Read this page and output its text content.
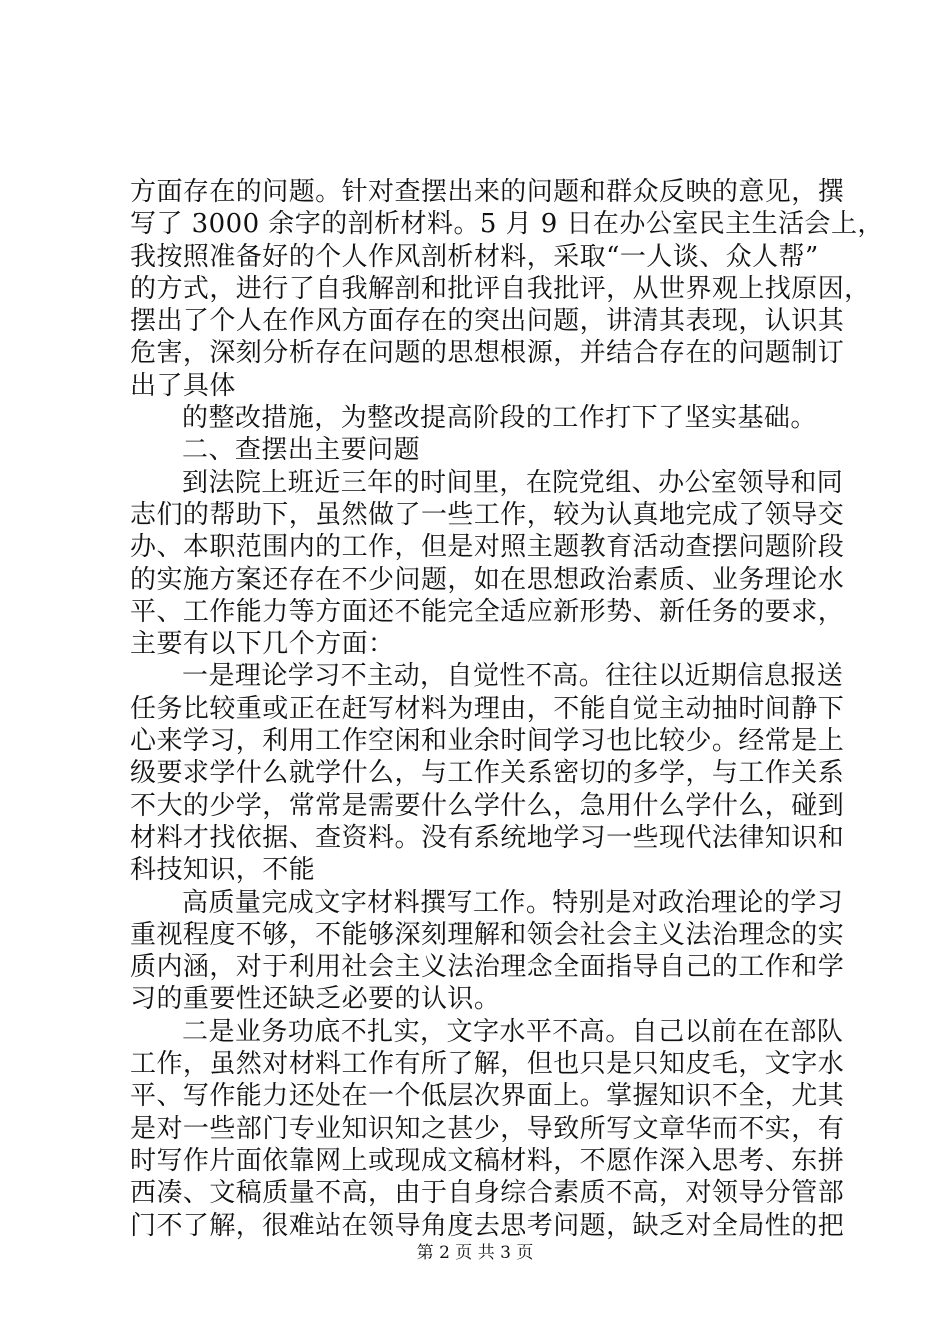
方面存在的问题。针对查摆出来的问题和群众反映的意见，撰
写了 3000 余字的剖析材料。5 月 9 日在办公室民主生活会上，
我按照准备好的个人作风剖析材料，采取“一人谈、众人帮”
的方式，进行了自我解剖和批评自我批评，从世界观上找原因，
摆出了个人在作风方面存在的突出问题，讲清其表现，认识其
危害，深刻分析存在问题的思想根源，并结合存在的问题制订
出了具体
的整改措施，为整改提高阶段的工作打下了坚实基础。
二、查摆出主要问题
到法院上班近三年的时间里，在院党组、办公室领导和同
志们的帮助下，虽然做了一些工作，较为认真地完成了领导交
办、本职范围内的工作，但是对照主题教育活动查摆问题阶段
的实施方案还存在不少问题，如在思想政治素质、业务理论水
平、工作能力等方面还不能完全适应新形势、新任务的要求，
主要有以下几个方面：
一是理论学习不主动，自觉性不高。往往以近期信息报送
任务比较重或正在赶写材料为理由，不能自觉主动抽时间静下
心来学习，利用工作空闲和业余时间学习也比较少。经常是上
级要求学什么就学什么，与工作关系密切的多学，与工作关系
不大的少学，常常是需要什么学什么，急用什么学什么，碰到
材料才找依据、查资料。没有系统地学习一些现代法律知识和
科技知识，不能
高质量完成文字材料撰写工作。特别是对政治理论的学习
重视程度不够，不能够深刻理解和领会社会主义法治理念的实
质内涵，对于利用社会主义法治理念全面指导自己的工作和学
习的重要性还缺乏必要的认识。
二是业务功底不扎实，文字水平不高。自己以前在在部队
工作，虽然对材料工作有所了解，但也只是只知皮毛，文字水
平、写作能力还处在一个低层次界面上。掌握知识不全，尤其
是对一些部门专业知识知之甚少，导致所写文章华而不实，有
时写作片面依靠网上或现成文稿材料，不愿作深入思考、东拼
西凑、文稿质量不高，由于自身综合素质不高，对领导分管部
门不了解，很难站在领导角度去思考问题，缺乏对全局性的把
第 2 页 共 3 页
